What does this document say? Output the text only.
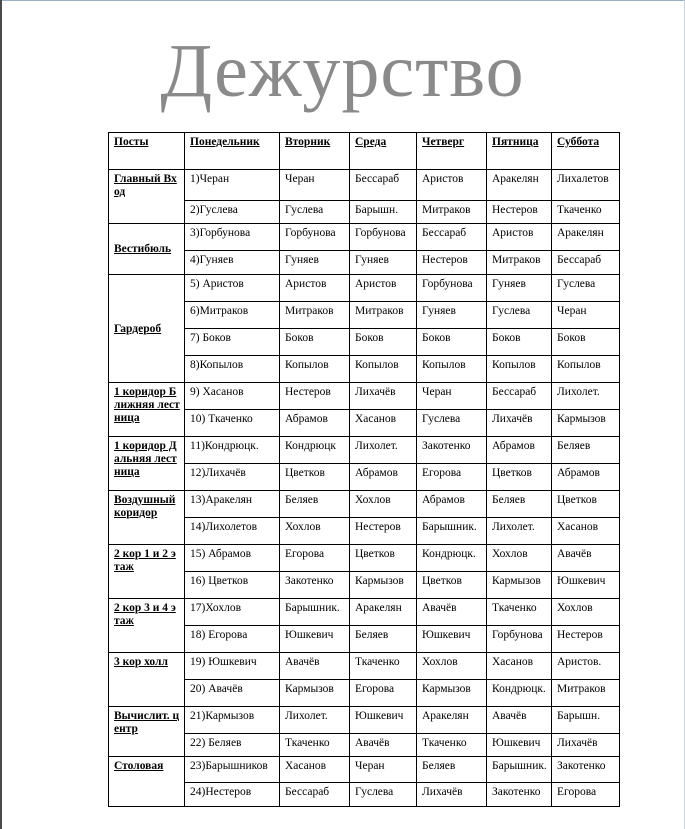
Дежурство
Посты	Понедельник	Вторник	Среда	Четверг	Пятница	Суббота
Главный Вход	1)Черан	Черан	Бессараб	Аристов	Аракелян	Лихалетов
	2)Гуслева	Гуслева	Барышн.	Митраков	Нестеров	Ткаченко
Вестибюль	3)Горбунова	Горбунова	Горбунова	Бессараб	Аристов	Аракелян
	4)Гуняев	Гуняев	Гуняев	Нестеров	Митраков	Бессараб
Гардероб	5) Аристов	Аристов	Аристов	Горбунова	Гуняев	Гуслева
	6)Митраков	Митраков	Митраков	Гуняев	Гуслева	Черан
	7) Боков	Боков	Боков	Боков	Боков	Боков
	8)Копылов	Копылов	Копылов	Копылов	Копылов	Копылов
1 коридор Ближняя лестница	9) Хасанов	Нестеров	Лихачёв	Черан	Бессараб	Лихолет.
	10) Ткаченко	Абрамов	Хасанов	Гуслева	Лихачёв	Кармызов
1 коридор Дальняя лестница	11)Кондрюцк.	Кондрюцк	Лихолет.	Закотенко	Абрамов	Беляев
	12)Лихачёв	Цветков	Абрамов	Егорова	Цветков	Абрамов
Воздушный коридор	13)Аракелян	Беляев	Хохлов	Абрамов	Беляев	Цветков
	14)Лихолетов	Хохлов	Нестеров	Барышник.	Лихолет.	Хасанов
2 кор 1 и 2 этаж	15) Абрамов	Егорова	Цветков	Кондрюцк.	Хохлов	Авачёв
	16) Цветков	Закотенко	Кармызов	Цветков	Кармызов	Юшкевич
2 кор 3 и 4 этаж	17)Хохлов	Барышник.	Аракелян	Авачёв	Ткаченко	Хохлов
	18) Егорова	Юшкевич	Беляев	Юшкевич	Горбунова	Нестеров
3 кор холл	19) Юшкевич	Авачёв	Ткаченко	Хохлов	Хасанов	Аристов.
	20) Авачёв	Кармызов	Егорова	Кармызов	Кондрюцк.	Митраков
Вычислит. центр	21)Кармызов	Лихолет.	Юшкевич	Аракелян	Авачёв	Барышн.
	22) Беляев	Ткаченко	Авачёв	Ткаченко	Юшкевич	Лихачёв
Столовая	23)Барышников	Хасанов	Черан	Беляев	Барышник.	Закотенко
	24)Нестеров	Бессараб	Гуслева	Лихачёв	Закотенко	Егорова
